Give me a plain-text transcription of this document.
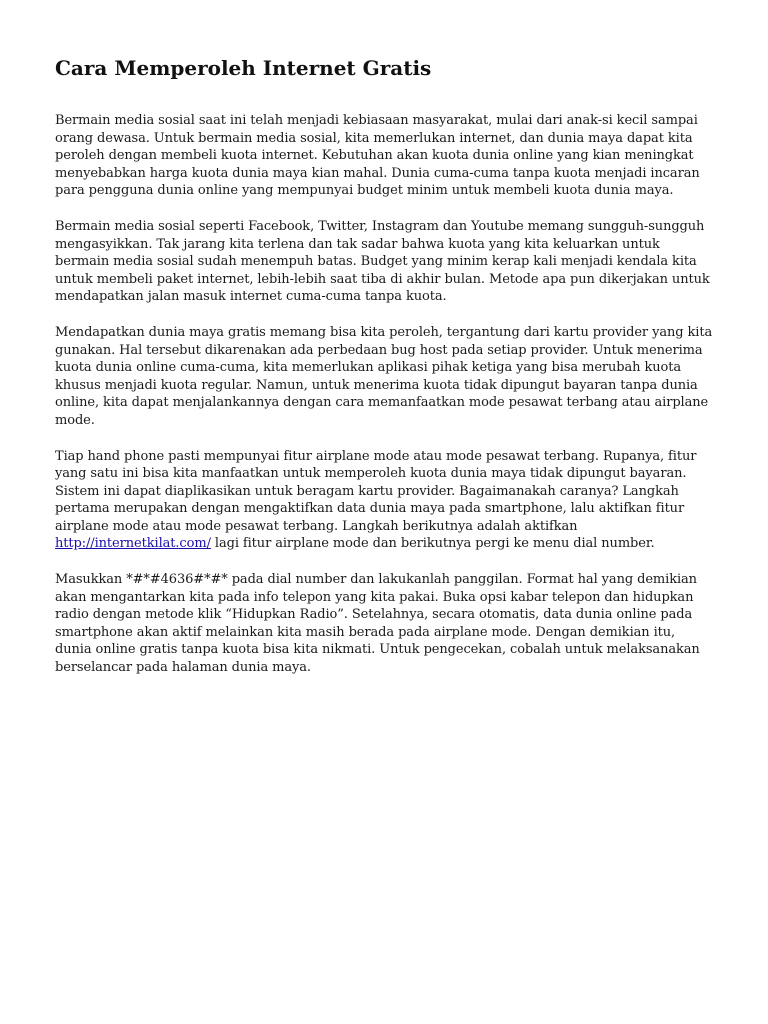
Cara Memperoleh Internet Gratis

Bermain media sosial saat ini telah menjadi kebiasaan masyarakat, mulai dari anak-si kecil sampai orang dewasa. Untuk bermain media sosial, kita memerlukan internet, dan dunia maya dapat kita peroleh dengan membeli kuota internet. Kebutuhan akan kuota dunia online yang kian meningkat menyebabkan harga kuota dunia maya kian mahal. Dunia cuma-cuma tanpa kuota menjadi incaran para pengguna dunia online yang mempunyai budget minim untuk membeli kuota dunia maya.

Bermain media sosial seperti Facebook, Twitter, Instagram dan Youtube memang sungguh-sungguh mengasyikkan. Tak jarang kita terlena dan tak sadar bahwa kuota yang kita keluarkan untuk bermain media sosial sudah menempuh batas. Budget yang minim kerap kali menjadi kendala kita untuk membeli paket internet, lebih-lebih saat tiba di akhir bulan. Metode apa pun dikerjakan untuk mendapatkan jalan masuk internet cuma-cuma tanpa kuota.

Mendapatkan dunia maya gratis memang bisa kita peroleh, tergantung dari kartu provider yang kita gunakan. Hal tersebut dikarenakan ada perbedaan bug host pada setiap provider. Untuk menerima kuota dunia online cuma-cuma, kita memerlukan aplikasi pihak ketiga yang bisa merubah kuota khusus menjadi kuota regular. Namun, untuk menerima kuota tidak dipungut bayaran tanpa dunia online, kita dapat menjalankannya dengan cara memanfaatkan mode pesawat terbang atau airplane mode.

Tiap hand phone pasti mempunyai fitur airplane mode atau mode pesawat terbang. Rupanya, fitur yang satu ini bisa kita manfaatkan untuk memperoleh kuota dunia maya tidak dipungut bayaran. Sistem ini dapat diaplikasikan untuk beragam kartu provider. Bagaimanakah caranya? Langkah pertama merupakan dengan mengaktifkan data dunia maya pada smartphone, lalu aktifkan fitur airplane mode atau mode pesawat terbang. Langkah berikutnya adalah aktifkan http://internetkilat.com/ lagi fitur airplane mode dan berikutnya pergi ke menu dial number.

Masukkan *#*#4636#*#* pada dial number dan lakukanlah panggilan. Format hal yang demikian akan mengantarkan kita pada info telepon yang kita pakai. Buka opsi kabar telepon dan hidupkan radio dengan metode klik “Hidupkan Radio”. Setelahnya, secara otomatis, data dunia online pada smartphone akan aktif melainkan kita masih berada pada airplane mode. Dengan demikian itu, dunia online gratis tanpa kuota bisa kita nikmati. Untuk pengecekan, cobalah untuk melaksanakan berselancar pada halaman dunia maya.
